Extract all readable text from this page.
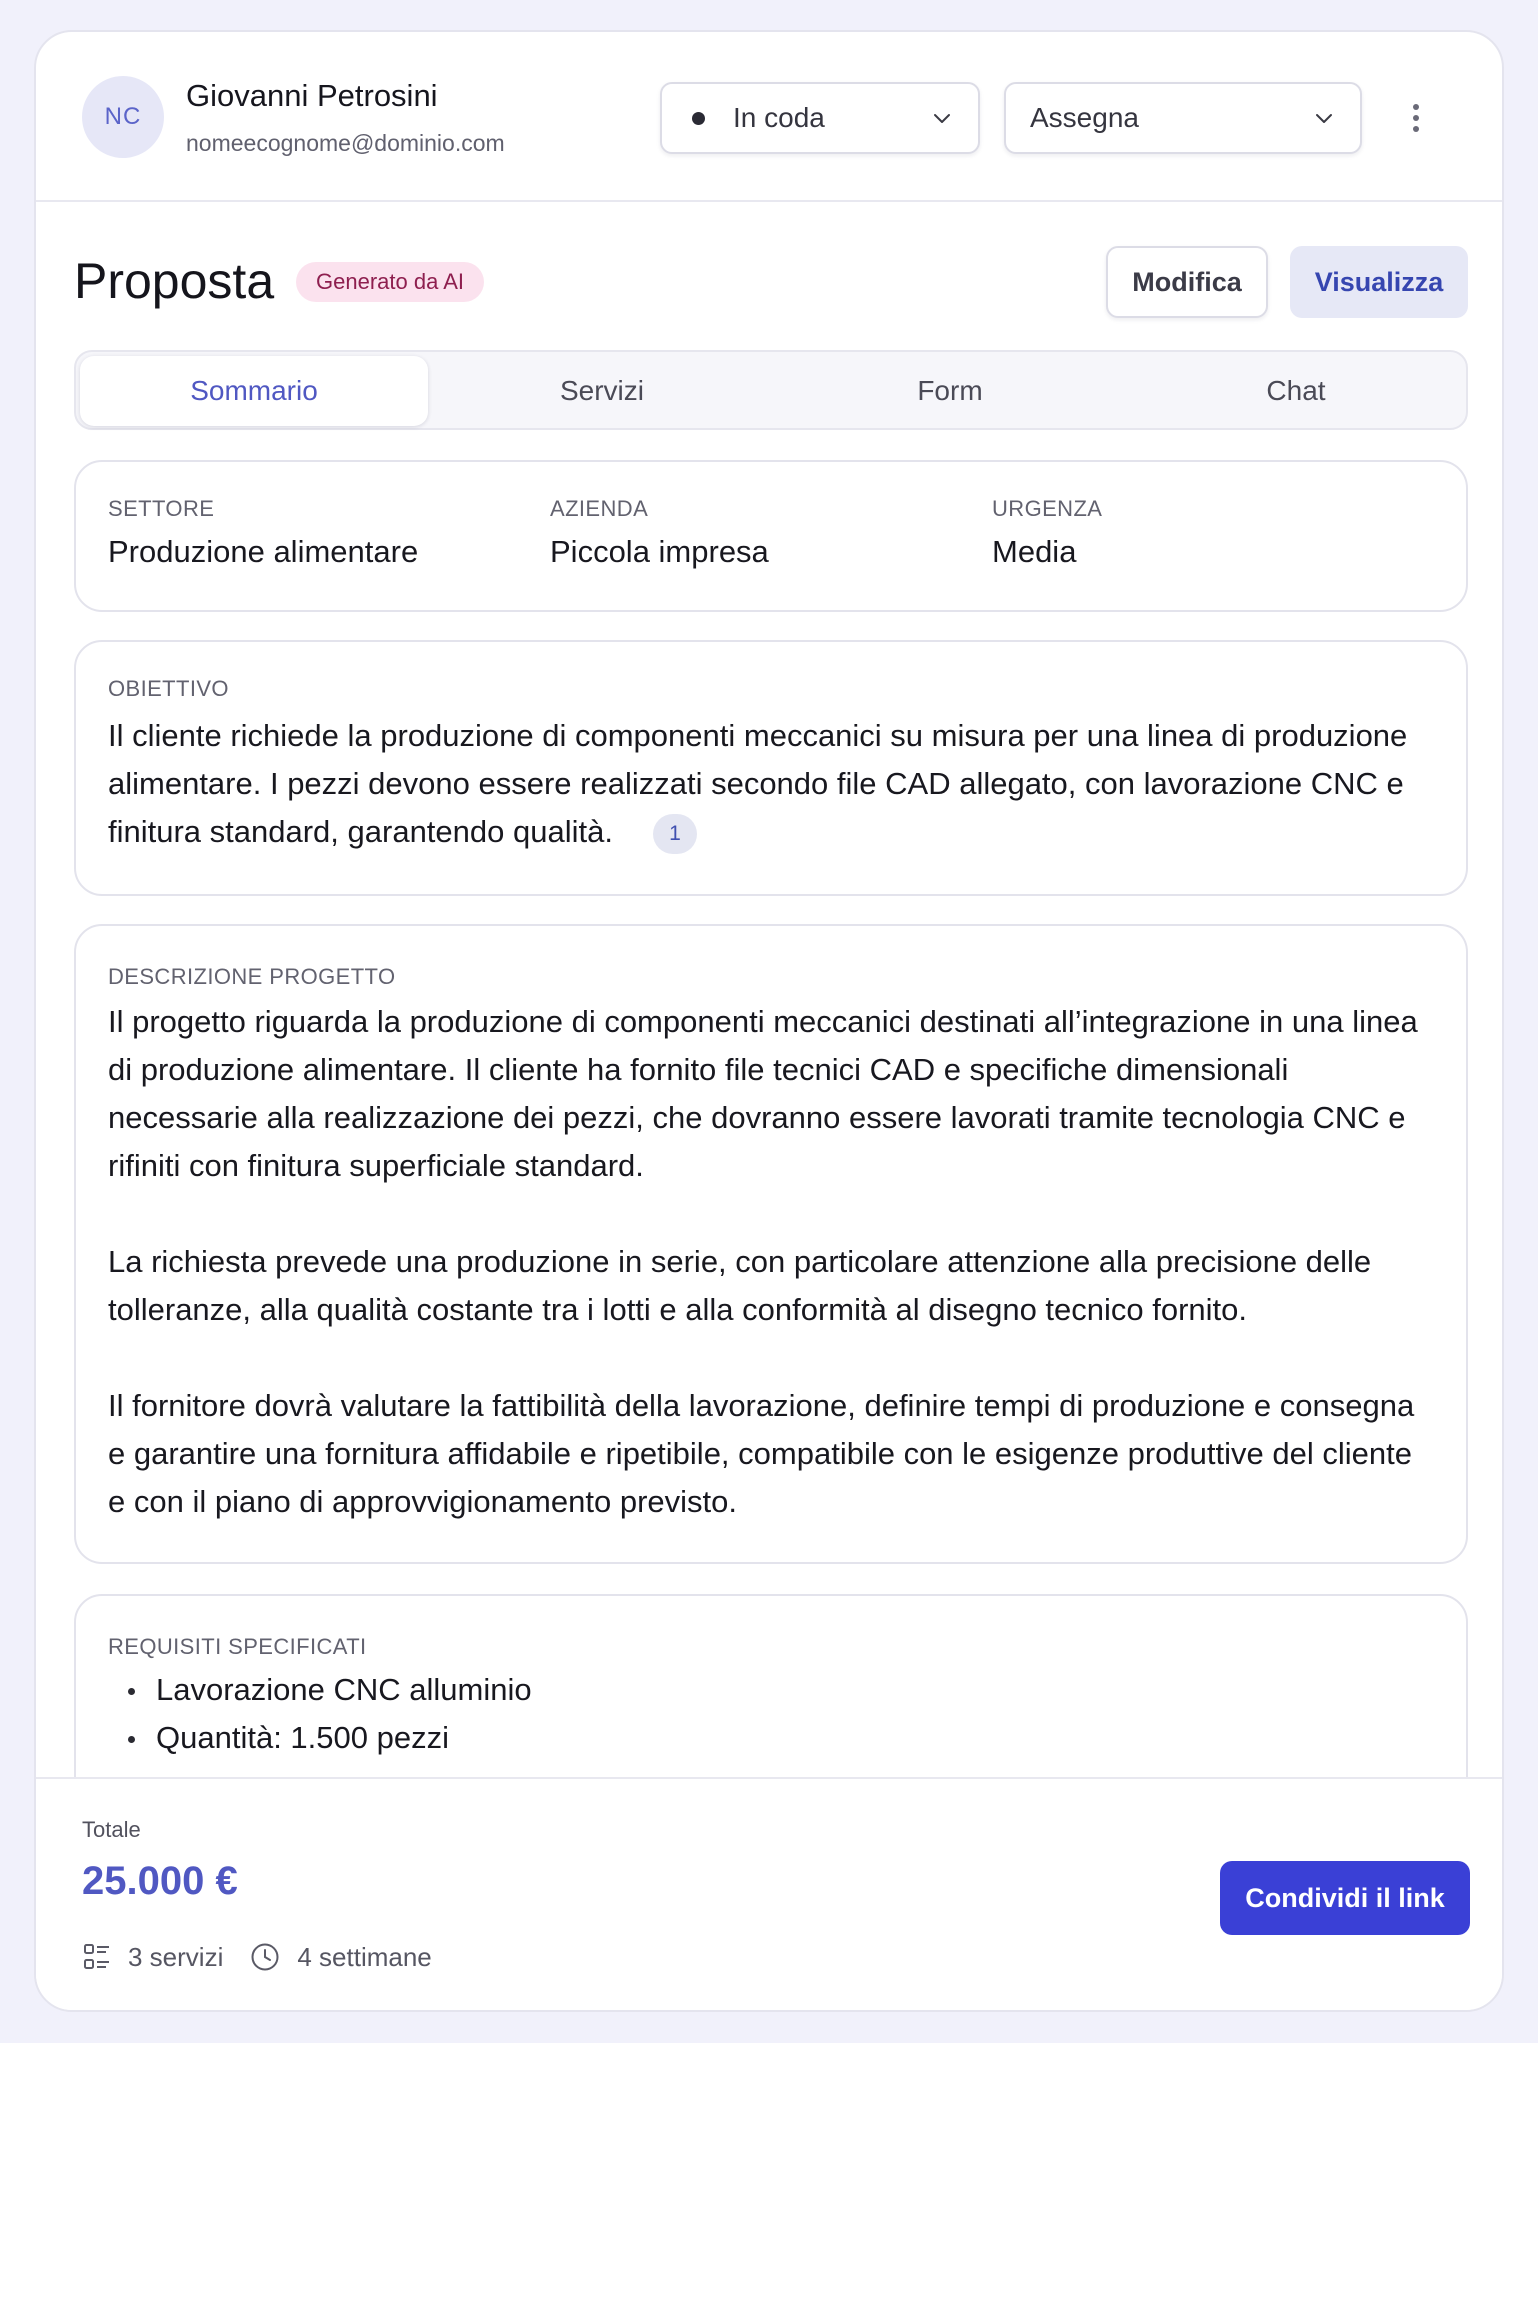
NC
Giovanni Petrosini
nomeecognome@dominio.com
In coda	Assegna
Proposta	Generato da AI	Modifica	Visualizza
Sommario	Servizi	Form	Chat
SETTORE
Produzione alimentare
AZIENDA
Piccola impresa
URGENZA
Media
OBIETTIVO
Il cliente richiede la produzione di componenti meccanici su misura per una linea di produzione alimentare. I pezzi devono essere realizzati secondo file CAD allegato, con lavorazione CNC e finitura standard, garantendo qualità.	1
DESCRIZIONE PROGETTO
Il progetto riguarda la produzione di componenti meccanici destinati all’integrazione in una linea di produzione alimentare. Il cliente ha fornito file tecnici CAD e specifiche dimensionali necessarie alla realizzazione dei pezzi, che dovranno essere lavorati tramite tecnologia CNC e rifiniti con finitura superficiale standard.
La richiesta prevede una produzione in serie, con particolare attenzione alla precisione delle tolleranze, alla qualità costante tra i lotti e alla conformità al disegno tecnico fornito.
Il fornitore dovrà valutare la fattibilità della lavorazione, definire tempi di produzione e consegna e garantire una fornitura affidabile e ripetibile, compatibile con le esigenze produttive del cliente e con il piano di approvvigionamento previsto.
REQUISITI SPECIFICATI
Lavorazione CNC alluminio
Quantità: 1.500 pezzi
Totale
25.000 €
3 servizi	4 settimane
Condividi il link
